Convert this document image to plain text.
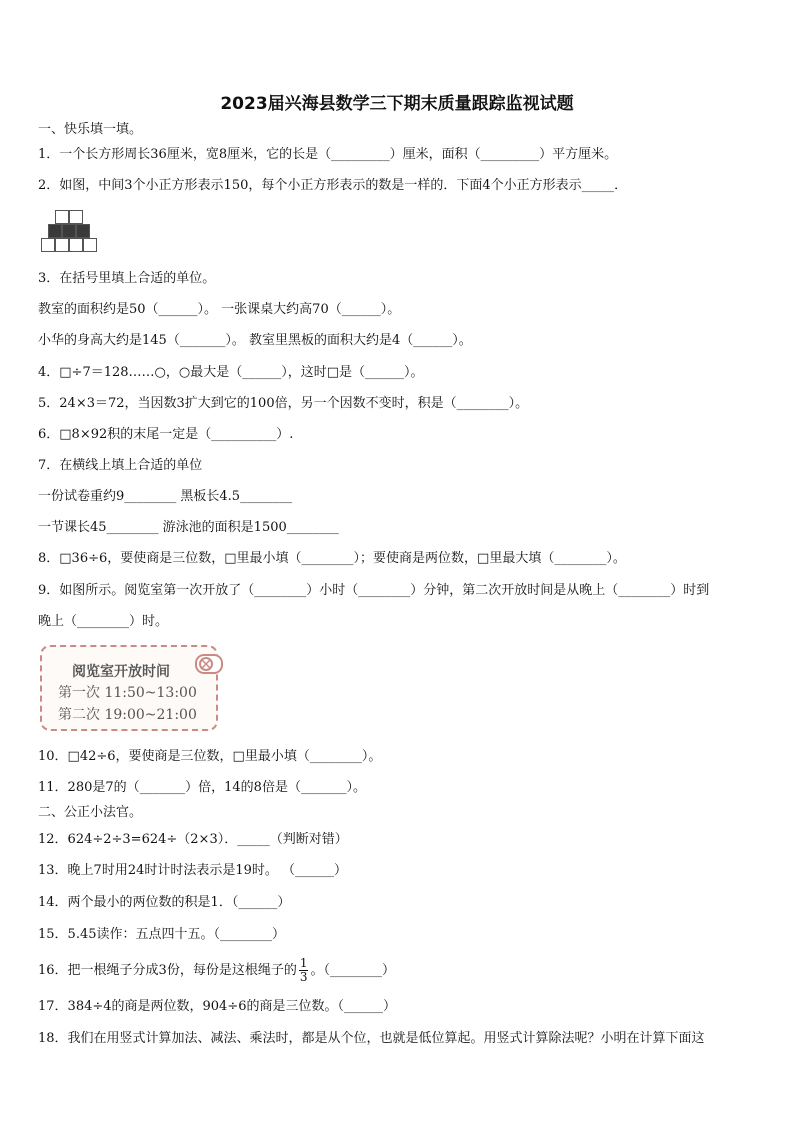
2023届兴海县数学三下期末质量跟踪监视试题
一、快乐填一填。
1．一个长方形周长36厘米，宽8厘米，它的长是（_________）厘米，面积（_________）平方厘米。
2．如图，中间3个小正方形表示150，每个小正方形表示的数是一样的．下面4个小正方形表示_____．
3．在括号里填上合适的单位。
教室的面积约是50（______）。 一张课桌大约高70（______）。
小华的身高大约是145（_______）。 教室里黑板的面积大约是4（______）。
4．□÷7＝128……○，○最大是（______），这时□是（______）。
5．24×3＝72，当因数3扩大到它的100倍，另一个因数不变时，积是（________）。
6．□8×92积的末尾一定是（__________）.
7．在横线上填上合适的单位
一份试卷重约9________ 黑板长4.5________
一节课长45________ 游泳池的面积是1500________
8．□36÷6，要使商是三位数，□里最小填（________）；要使商是两位数，□里最大填（________）。
9．如图所示。阅览室第一次开放了（________）小时（________）分钟，第二次开放时间是从晚上（________）时到
晚上（________）时。
阅览室开放时间
第一次 11:50~13:00
第二次 19:00~21:00
10．□42÷6，要使商是三位数，□里最小填（________）。
11．280是7的（_______）倍，14的8倍是（_______）。
二、公正小法官。
12．624÷2÷3=624÷（2×3）．_____（判断对错）
13．晚上7时用24时计时法表示是19时。 （______）
14．两个最小的两位数的积是1．（______）
15．5.45读作：五点四十五。（________）
16．把一根绳子分成3份，每份是这根绳子的 $\frac{1}{3}$ 。（________）
17．384÷4的商是两位数，904÷6的商是三位数。（______）
18．我们在用竖式计算加法、减法、乘法时，都是从个位，也就是低位算起。用竖式计算除法呢？小明在计算下面这
